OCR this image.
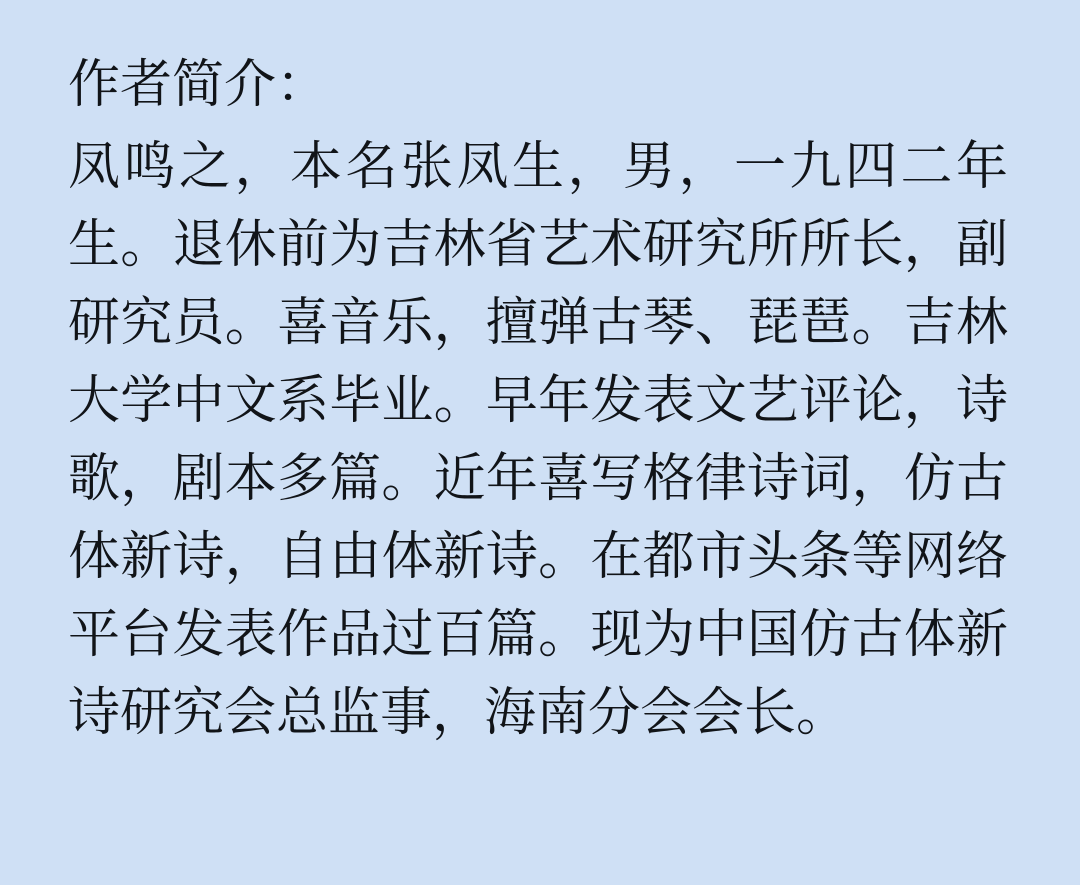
作者简介：

凤鸣之，本名张凤生，男，一九四二年生。退休前为吉林省艺术研究所所长，副研究员。喜音乐，擅弹古琴、琵琶。吉林大学中文系毕业。早年发表文艺评论，诗歌，剧本多篇。近年喜写格律诗词，仿古体新诗，自由体新诗。在都市头条等网络平台发表作品过百篇。现为中国仿古体新诗研究会总监事，海南分会会长。
